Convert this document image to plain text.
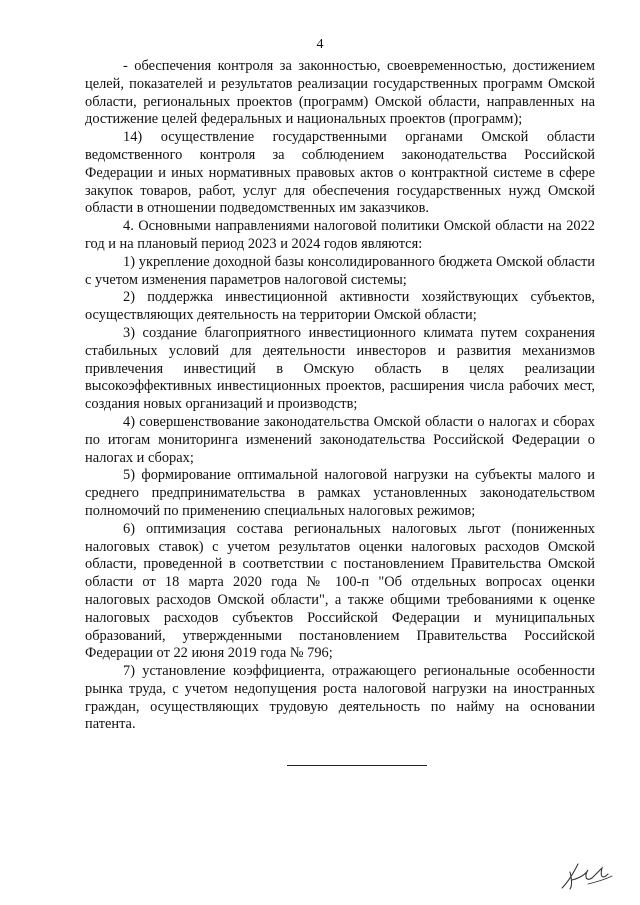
4

- обеспечения контроля за законностью, своевременностью, достижением целей, показателей и результатов реализации государственных программ Омской области, региональных проектов (программ) Омской области, направленных на достижение целей федеральных и национальных проектов (программ);

14) осуществление государственными органами Омской области ведомственного контроля за соблюдением законодательства Российской Федерации и иных нормативных правовых актов о контрактной системе в сфере закупок товаров, работ, услуг для обеспечения государственных нужд Омской области в отношении подведомственных им заказчиков.

4. Основными направлениями налоговой политики Омской области на 2022 год и на плановый период 2023 и 2024 годов являются:

1) укрепление доходной базы консолидированного бюджета Омской области с учетом изменения параметров налоговой системы;

2) поддержка инвестиционной активности хозяйствующих субъектов, осуществляющих деятельность на территории Омской области;

3) создание благоприятного инвестиционного климата путем сохранения стабильных условий для деятельности инвесторов и развития механизмов привлечения инвестиций в Омскую область в целях реализации высокоэффективных инвестиционных проектов, расширения числа рабочих мест, создания новых организаций и производств;

4) совершенствование законодательства Омской области о налогах и сборах по итогам мониторинга изменений законодательства Российской Федерации о налогах и сборах;

5) формирование оптимальной налоговой нагрузки на субъекты малого и среднего предпринимательства в рамках установленных законодательством полномочий по применению специальных налоговых режимов;

6) оптимизация состава региональных налоговых льгот (пониженных налоговых ставок) с учетом результатов оценки налоговых расходов Омской области, проведенной в соответствии с постановлением Правительства Омской области от 18 марта 2020 года № 100-п "Об отдельных вопросах оценки налоговых расходов Омской области", а также общими требованиями к оценке налоговых расходов субъектов Российской Федерации и муниципальных образований, утвержденными постановлением Правительства Российской Федерации от 22 июня 2019 года № 796;

7) установление коэффициента, отражающего региональные особенности рынка труда, с учетом недопущения роста налоговой нагрузки на иностранных граждан, осуществляющих трудовую деятельность по найму на основании патента.
